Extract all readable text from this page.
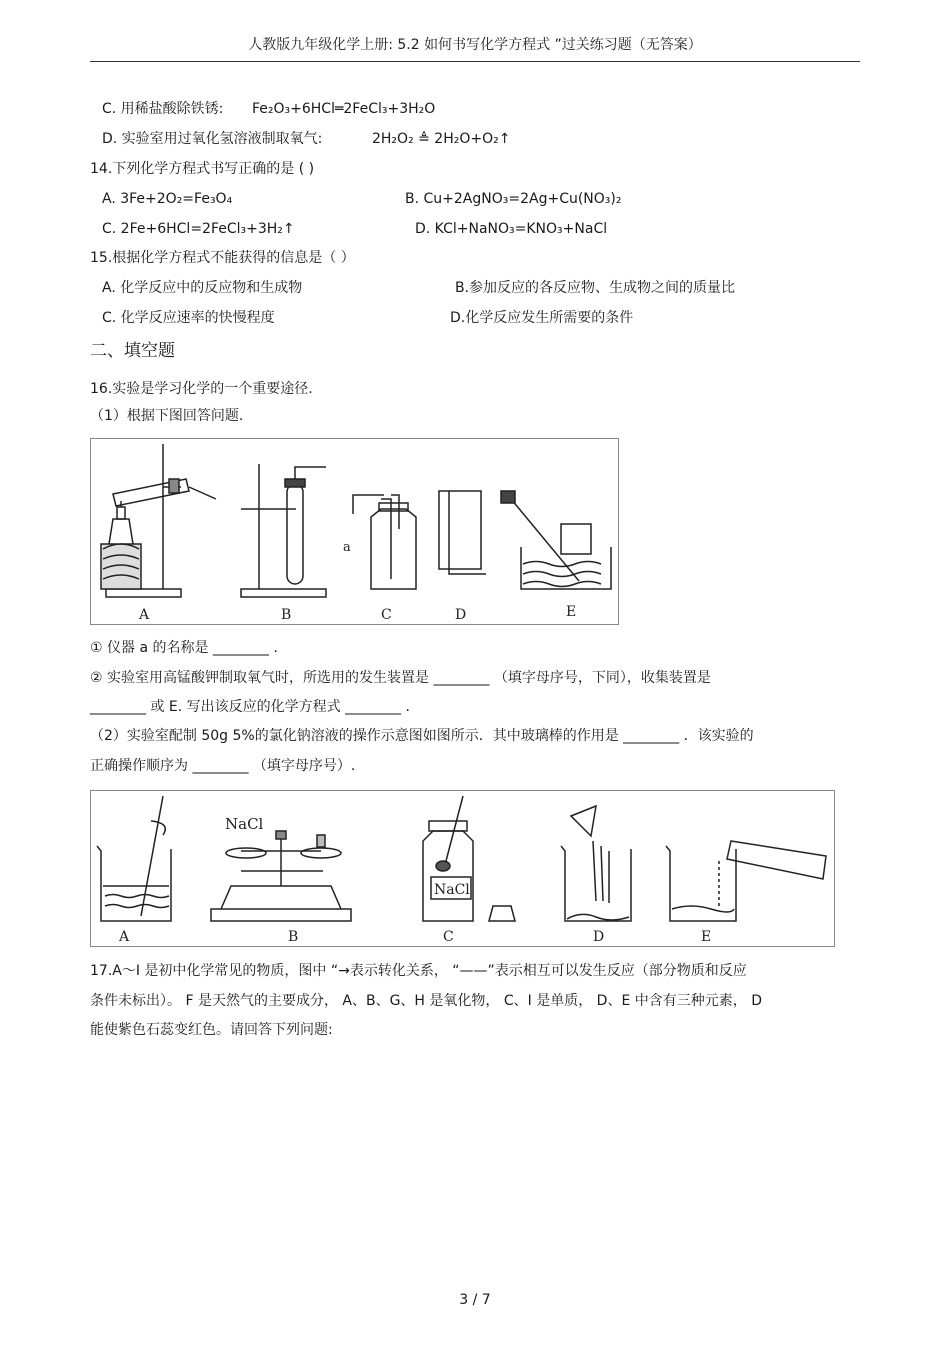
人教版九年级化学上册: 5.2 如何书写化学方程式 ”过关练习题（无答案）
C. 用稀盐酸除铁锈: Fe₂O₃+6HCl═2FeCl₃+3H₂O
D. 实验室用过氧化氢溶液制取氧气:	2H₂O₂ ≜ 2H₂O+O₂↑
14.下列化学方程式书写正确的是 ( )
A. 3Fe+2O₂=Fe₃O₄	B. Cu+2AgNO₃=2Ag+Cu(NO₃)₂
C. 2Fe+6HCl=2FeCl₃+3H₂↑	D. KCl+NaNO₃=KNO₃+NaCl
15.根据化学方程式不能获得的信息是（ ）
A. 化学反应中的反应物和生成物	B.参加反应的各反应物、生成物之间的质量比
C. 化学反应速率的快慢程度	D.化学反应发生所需要的条件
二、填空题
16.实验是学习化学的一个重要途径.
（1）根据下图回答问题.
a
A	B	C	D	E
① 仪器 a 的名称是 ________ .
② 实验室用高锰酸钾制取氧气时，所选用的发生装置是 ________ （填字母序号，下同），收集装置是
________ 或 E. 写出该反应的化学方程式 ________ .
（2）实验室配制 50g 5%的氯化钠溶液的操作示意图如图所示．其中玻璃棒的作用是 ________ ．该实验的
正确操作顺序为 ________ （填字母序号）.
NaCl
NaCl
A	B	C	D	E
17.A～I 是初中化学常见的物质，图中 “→表示转化关系， “——”表示相互可以发生反应（部分物质和反应
条件未标出）。 F 是天然气的主要成分， A、B、G、H 是氧化物， C、I 是单质， D、E 中含有三种元素， D
能使紫色石蕊变红色。请回答下列问题:
3 / 7
